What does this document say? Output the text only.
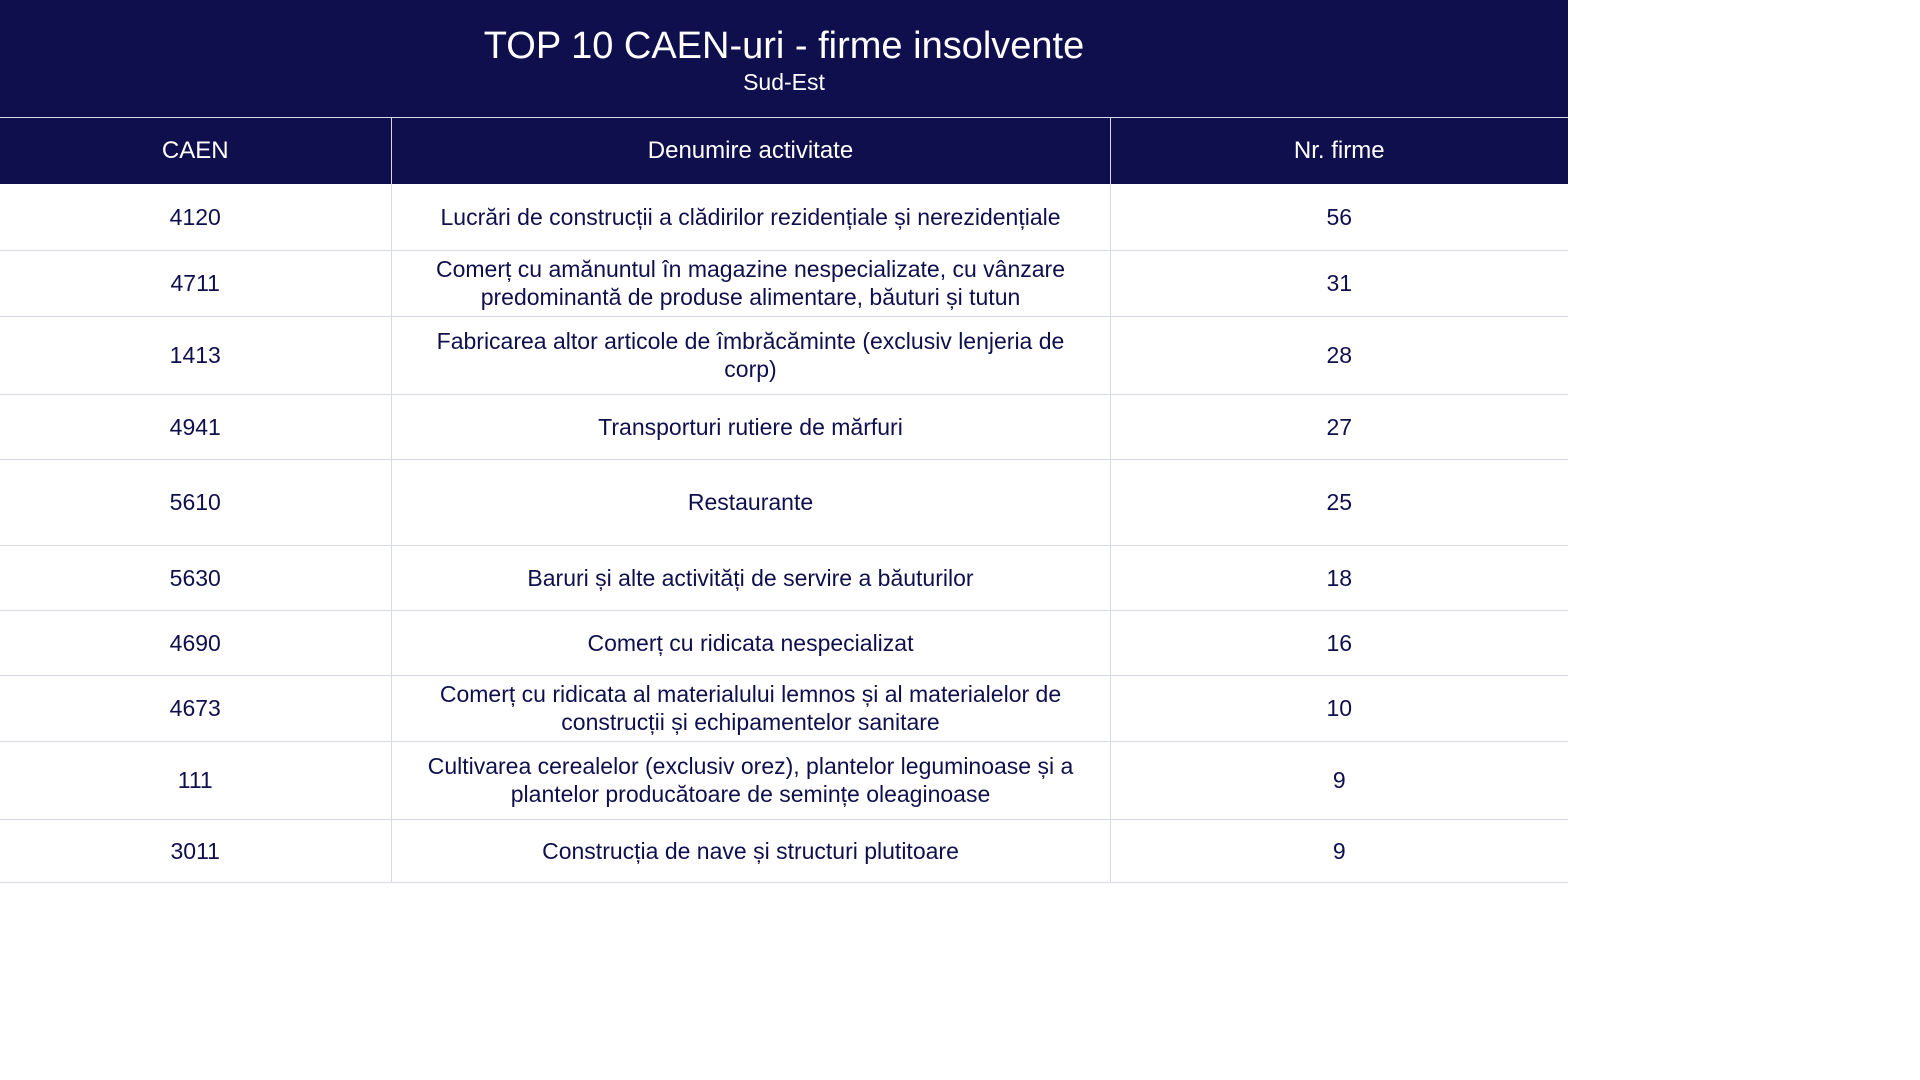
TOP 10 CAEN-uri - firme insolvente
Sud-Est
CAEN	Denumire activitate	Nr. firme
4120	Lucrări de construcții a clădirilor rezidențiale și nerezidențiale	56
4711	Comerț cu amănuntul în magazine nespecializate, cu vânzare predominantă de produse alimentare, băuturi și tutun	31
1413	Fabricarea altor articole de îmbrăcăminte (exclusiv lenjeria de corp)	28
4941	Transporturi rutiere de mărfuri	27
5610	Restaurante	25
5630	Baruri și alte activități de servire a băuturilor	18
4690	Comerț cu ridicata nespecializat	16
4673	Comerț cu ridicata al materialului lemnos și al materialelor de construcții și echipamentelor sanitare	10
111	Cultivarea cerealelor (exclusiv orez), plantelor leguminoase și a plantelor producătoare de semințe oleaginoase	9
3011	Construcția de nave și structuri plutitoare	9
